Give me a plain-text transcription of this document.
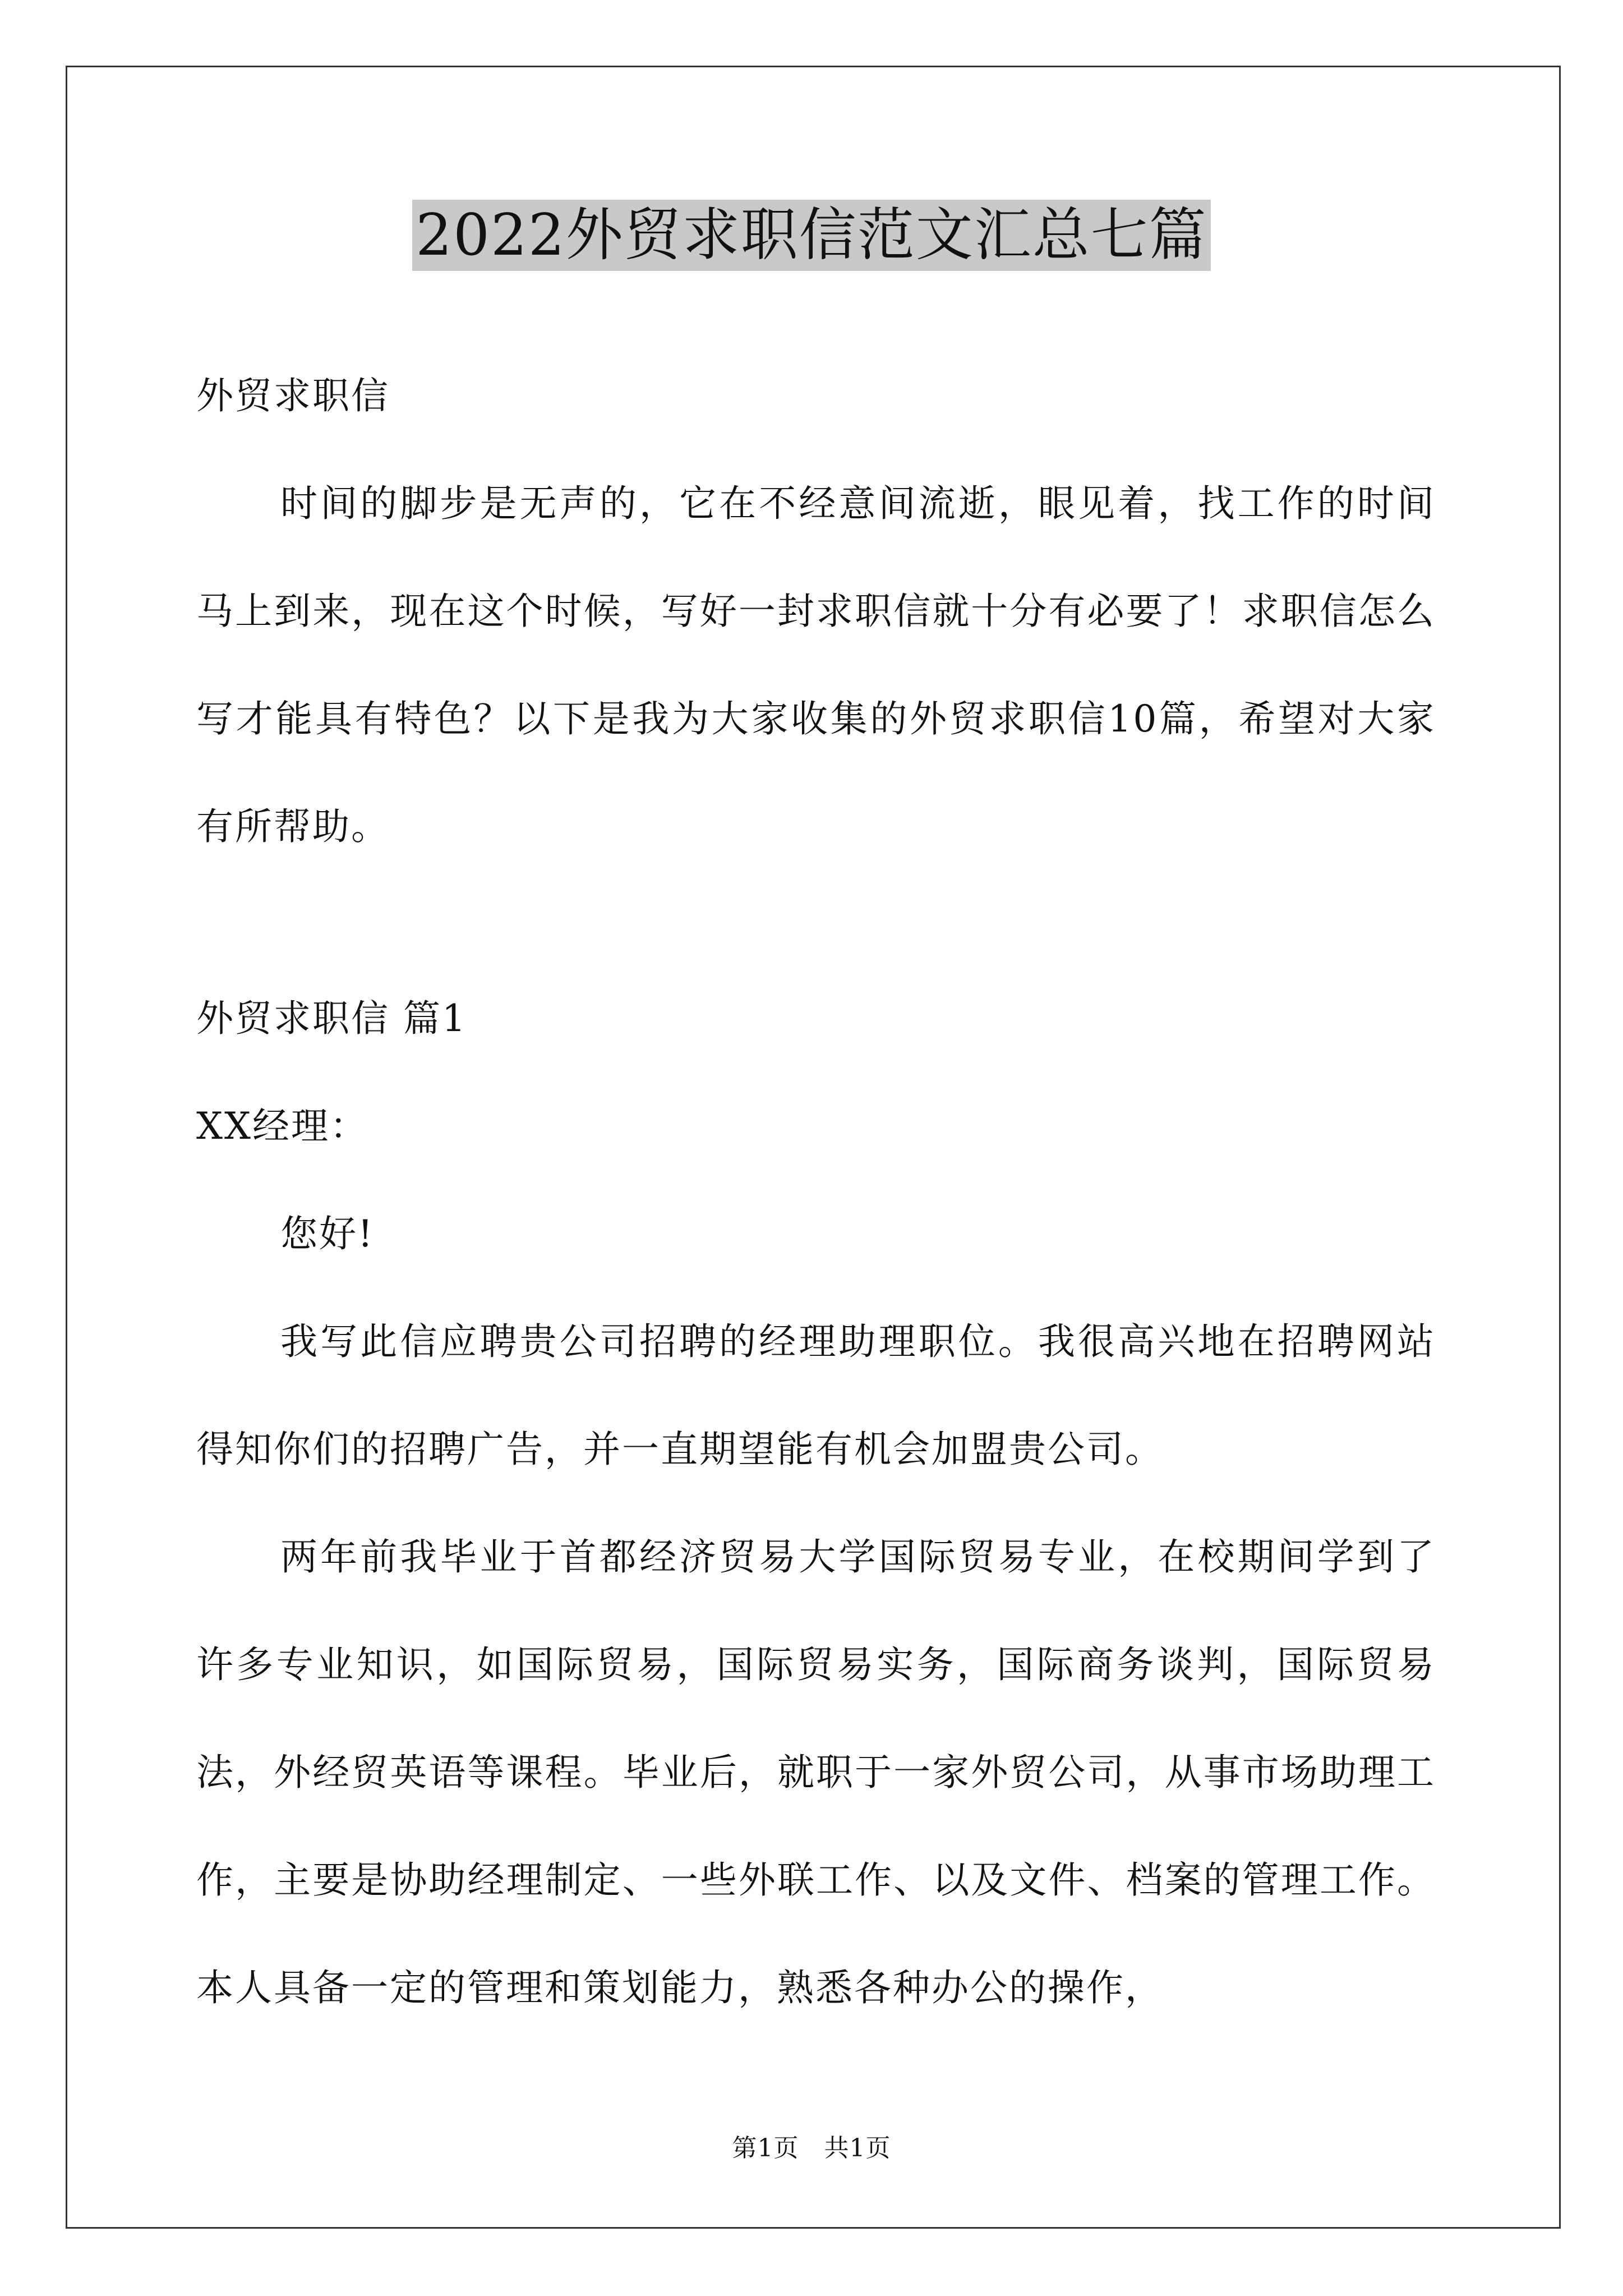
2022外贸求职信范文汇总七篇

外贸求职信

时间的脚步是无声的，它在不经意间流逝，眼见着，找工作的时间马上到来，现在这个时候，写好一封求职信就十分有必要了！求职信怎么写才能具有特色？以下是我为大家收集的外贸求职信10篇，希望对大家有所帮助。

外贸求职信 篇1

XX经理：

您好!

我写此信应聘贵公司招聘的经理助理职位。我很高兴地在招聘网站得知你们的招聘广告，并一直期望能有机会加盟贵公司。

两年前我毕业于首都经济贸易大学国际贸易专业，在校期间学到了许多专业知识，如国际贸易，国际贸易实务，国际商务谈判，国际贸易法，外经贸英语等课程。毕业后，就职于一家外贸公司，从事市场助理工作，主要是协助经理制定、一些外联工作、以及文件、档案的管理工作。本人具备一定的管理和策划能力，熟悉各种办公的操作，

第1页　共1页
